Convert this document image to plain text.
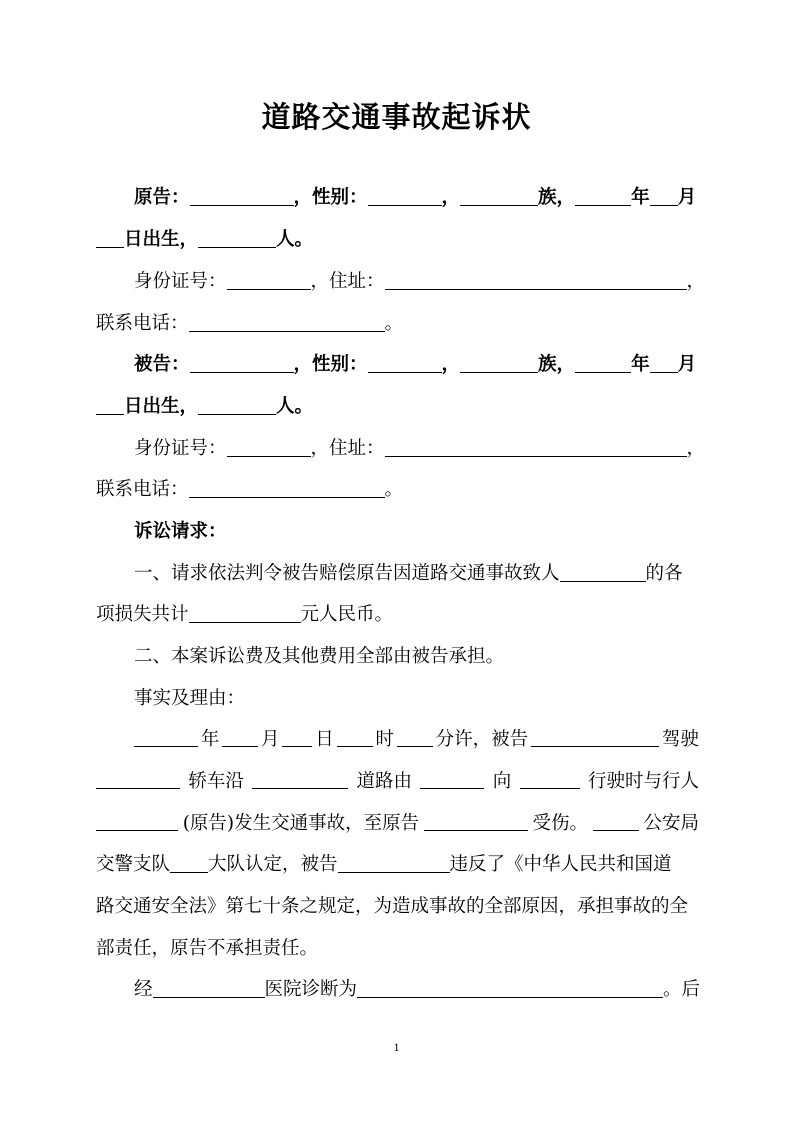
道路交通事故起诉状
原告：	，性别：	，	族，	年 月
日出生，	人。
身份证号：	，住址：	，
联系电话：	。
被告：	，性别：	，	族，	年 月
日出生，	人。
身份证号：	，住址：	，
联系电话：	。
诉讼请求：
一、请求依法判令被告赔偿原告因道路交通事故致人	的各
项损失共计	元人民币。
二、本案诉讼费及其他费用全部由被告承担。
事实及理由：
年 月 日 时 分许，被告	驾驶
轿车沿	道路由	向	行驶时与行人
(原告)发生交通事故，至原告	受伤。	公安局
交警支队 大队认定，被告	违反了《中华人民共和国道
路交通安全法》第七十条之规定，为造成事故的全部原因，承担事故的全
部责任，原告不承担责任。
经	医院诊断为	。后
1
